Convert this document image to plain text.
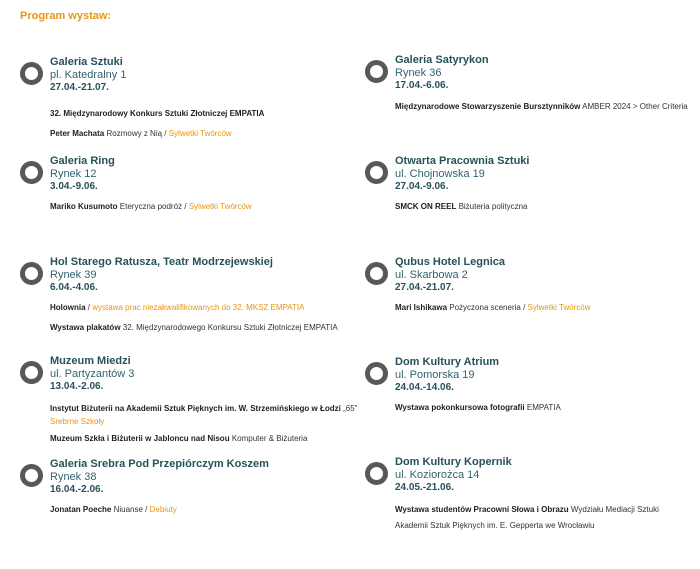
Program wystaw:
Galeria Sztuki
pl. Katedralny 1
27.04.-21.07.
32. Międzynarodowy Konkurs Sztuki Złotniczej EMPATIA
Peter Machata Rozmowy z Nią / Sylwetki Twórców
Galeria Satyrykon
Rynek 36
17.04.-6.06.
Międzynarodowe Stowarzyszenie Bursztynników AMBER 2024 > Other Criteria
Galeria Ring
Rynek 12
3.04.-9.06.
Mariko Kusumoto Eteryczna podróż / Sylwetki Twórców
Otwarta Pracownia Sztuki
ul. Chojnowska 19
27.04.-9.06.
SMCK ON REEL Biżuteria polityczna
Hol Starego Ratusza, Teatr Modrzejewskiej
Rynek 39
6.04.-4.06.
Holownia / wystawa prac niezakwalifikowanych do 32. MKSZ EMPATIA
Wystawa plakatów 32. Międzynarodowego Konkursu Sztuki Złotniczej EMPATIA
Qubus Hotel Legnica
ul. Skarbowa 2
27.04.-21.07.
Mari Ishikawa Pożyczona sceneria / Sylwetki Twórców
Muzeum Miedzi
ul. Partyzantów 3
13.04.-2.06.
Instytut Biżuterii na Akademii Sztuk Pięknych im. W. Strzemińskiego w Łodzi „65"
Srebrne Szkoły
Muzeum Szkła i Biżuterii w Jabloncu nad Nisou Komputer & Biżuteria
Dom Kultury Atrium
ul. Pomorska 19
24.04.-14.06.
Wystawa pokonkursowa fotografii EMPATIA
Galeria Srebra Pod Przepiórczym Koszem
Rynek 38
16.04.-2.06.
Jonatan Poeche Niuanse / Debiuty
Dom Kultury Kopernik
ul. Koziorożca 14
24.05.-21.06.
Wystawa studentów Pracowni Słowa i Obrazu Wydziału Mediacji Sztuki
Akademii Sztuk Pięknych im. E. Gepperta we Wrocławiu
